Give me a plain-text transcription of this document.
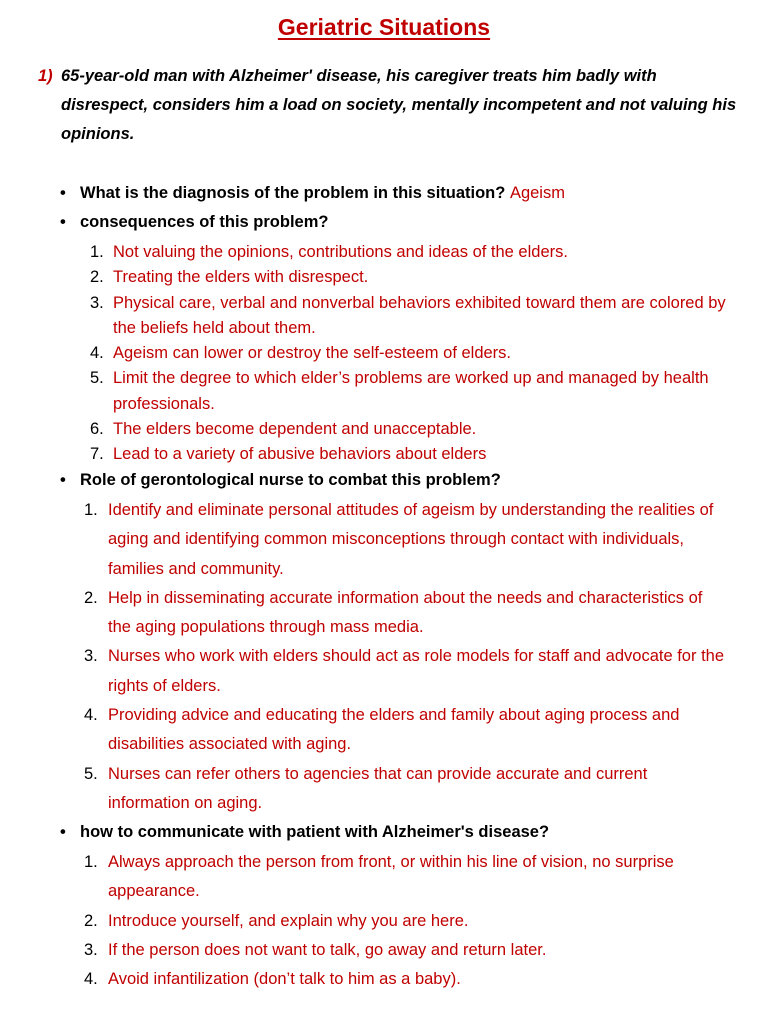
Geriatric Situations
1) 65-year-old man with Alzheimer' disease, his caregiver treats him badly with disrespect, considers him a load on society, mentally incompetent and not valuing his opinions.
• What is the diagnosis of the problem in this situation? Ageism
• consequences of this problem?
1. Not valuing the opinions, contributions and ideas of the elders.
2. Treating the elders with disrespect.
3. Physical care, verbal and nonverbal behaviors exhibited toward them are colored by the beliefs held about them.
4. Ageism can lower or destroy the self-esteem of elders.
5. Limit the degree to which elder’s problems are worked up and managed by health professionals.
6. The elders become dependent and unacceptable.
7. Lead to a variety of abusive behaviors about elders
• Role of gerontological nurse to combat this problem?
1. Identify and eliminate personal attitudes of ageism by understanding the realities of aging and identifying common misconceptions through contact with individuals, families and community.
2. Help in disseminating accurate information about the needs and characteristics of the aging populations through mass media.
3. Nurses who work with elders should act as role models for staff and advocate for the rights of elders.
4. Providing advice and educating the elders and family about aging process and disabilities associated with aging.
5. Nurses can refer others to agencies that can provide accurate and current information on aging.
• how to communicate with patient with Alzheimer's disease?
1. Always approach the person from front, or within his line of vision, no surprise appearance.
2. Introduce yourself, and explain why you are here.
3. If the person does not want to talk, go away and return later.
4. Avoid infantilization (don’t talk to him as a baby).
